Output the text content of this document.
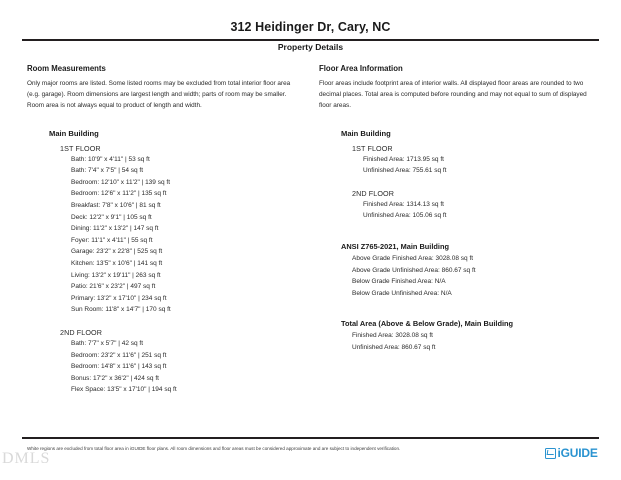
312 Heidinger Dr, Cary, NC
Property Details
Room Measurements

Only major rooms are listed. Some listed rooms may be excluded from total interior floor area

(e.g. garage). Room dimensions are largest length and width; parts of room may be smaller.

Room area is not always equal to product of length and width.

Main Building
1ST FLOOR
Bath: 10'9" x 4'11" | 53 sq ft
Bath: 7'4" x 7'5" | 54 sq ft
Bedroom: 12'10" x 11'2" | 139 sq ft
Bedroom: 12'6" x 11'2" | 135 sq ft
Breakfast: 7'8" x 10'6" | 81 sq ft
Deck: 12'2" x 9'1" | 105 sq ft
Dining: 11'2" x 13'2" | 147 sq ft
Foyer: 11'1" x 4'11" | 55 sq ft
Garage: 23'2" x 22'8" | 525 sq ft
Kitchen: 13'5" x 10'6" | 141 sq ft
Living: 13'2" x 19'11" | 263 sq ft
Patio: 21'6" x 23'2" | 497 sq ft
Primary: 13'2" x 17'10" | 234 sq ft
Sun Room: 11'8" x 14'7" | 170 sq ft
2ND FLOOR
Bath: 7'7" x 5'7" | 42 sq ft
Bedroom: 23'2" x 11'6" | 251 sq ft
Bedroom: 14'8" x 11'6" | 143 sq ft
Bonus: 17'2" x 36'2" | 424 sq ft
Flex Space: 13'5" x 17'10" | 194 sq ft
Floor Area Information

Floor areas include footprint area of interior walls. All displayed floor areas are rounded to two

decimal places. Total area is computed before rounding and may not equal to sum of displayed

floor areas.

Main Building
1ST FLOOR
Finished Area: 1713.95 sq ft
Unfinished Area: 755.61 sq ft
2ND FLOOR
Finished Area: 1314.13 sq ft
Unfinished Area: 105.06 sq ft
ANSI Z765-2021, Main Building
Above Grade Finished Area: 3028.08 sq ft
Above Grade Unfinished Area: 860.67 sq ft
Below Grade Finished Area: N/A
Below Grade Unfinished Area: N/A
Total Area (Above & Below Grade), Main Building
Finished Area: 3028.08 sq ft
Unfinished Area: 860.67 sq ft
White regions are excluded from total floor area in iGUIDE floor plans. All room dimensions and floor areas must be considered approximate and are subject to independent verification.
DMLS	iGUIDE
